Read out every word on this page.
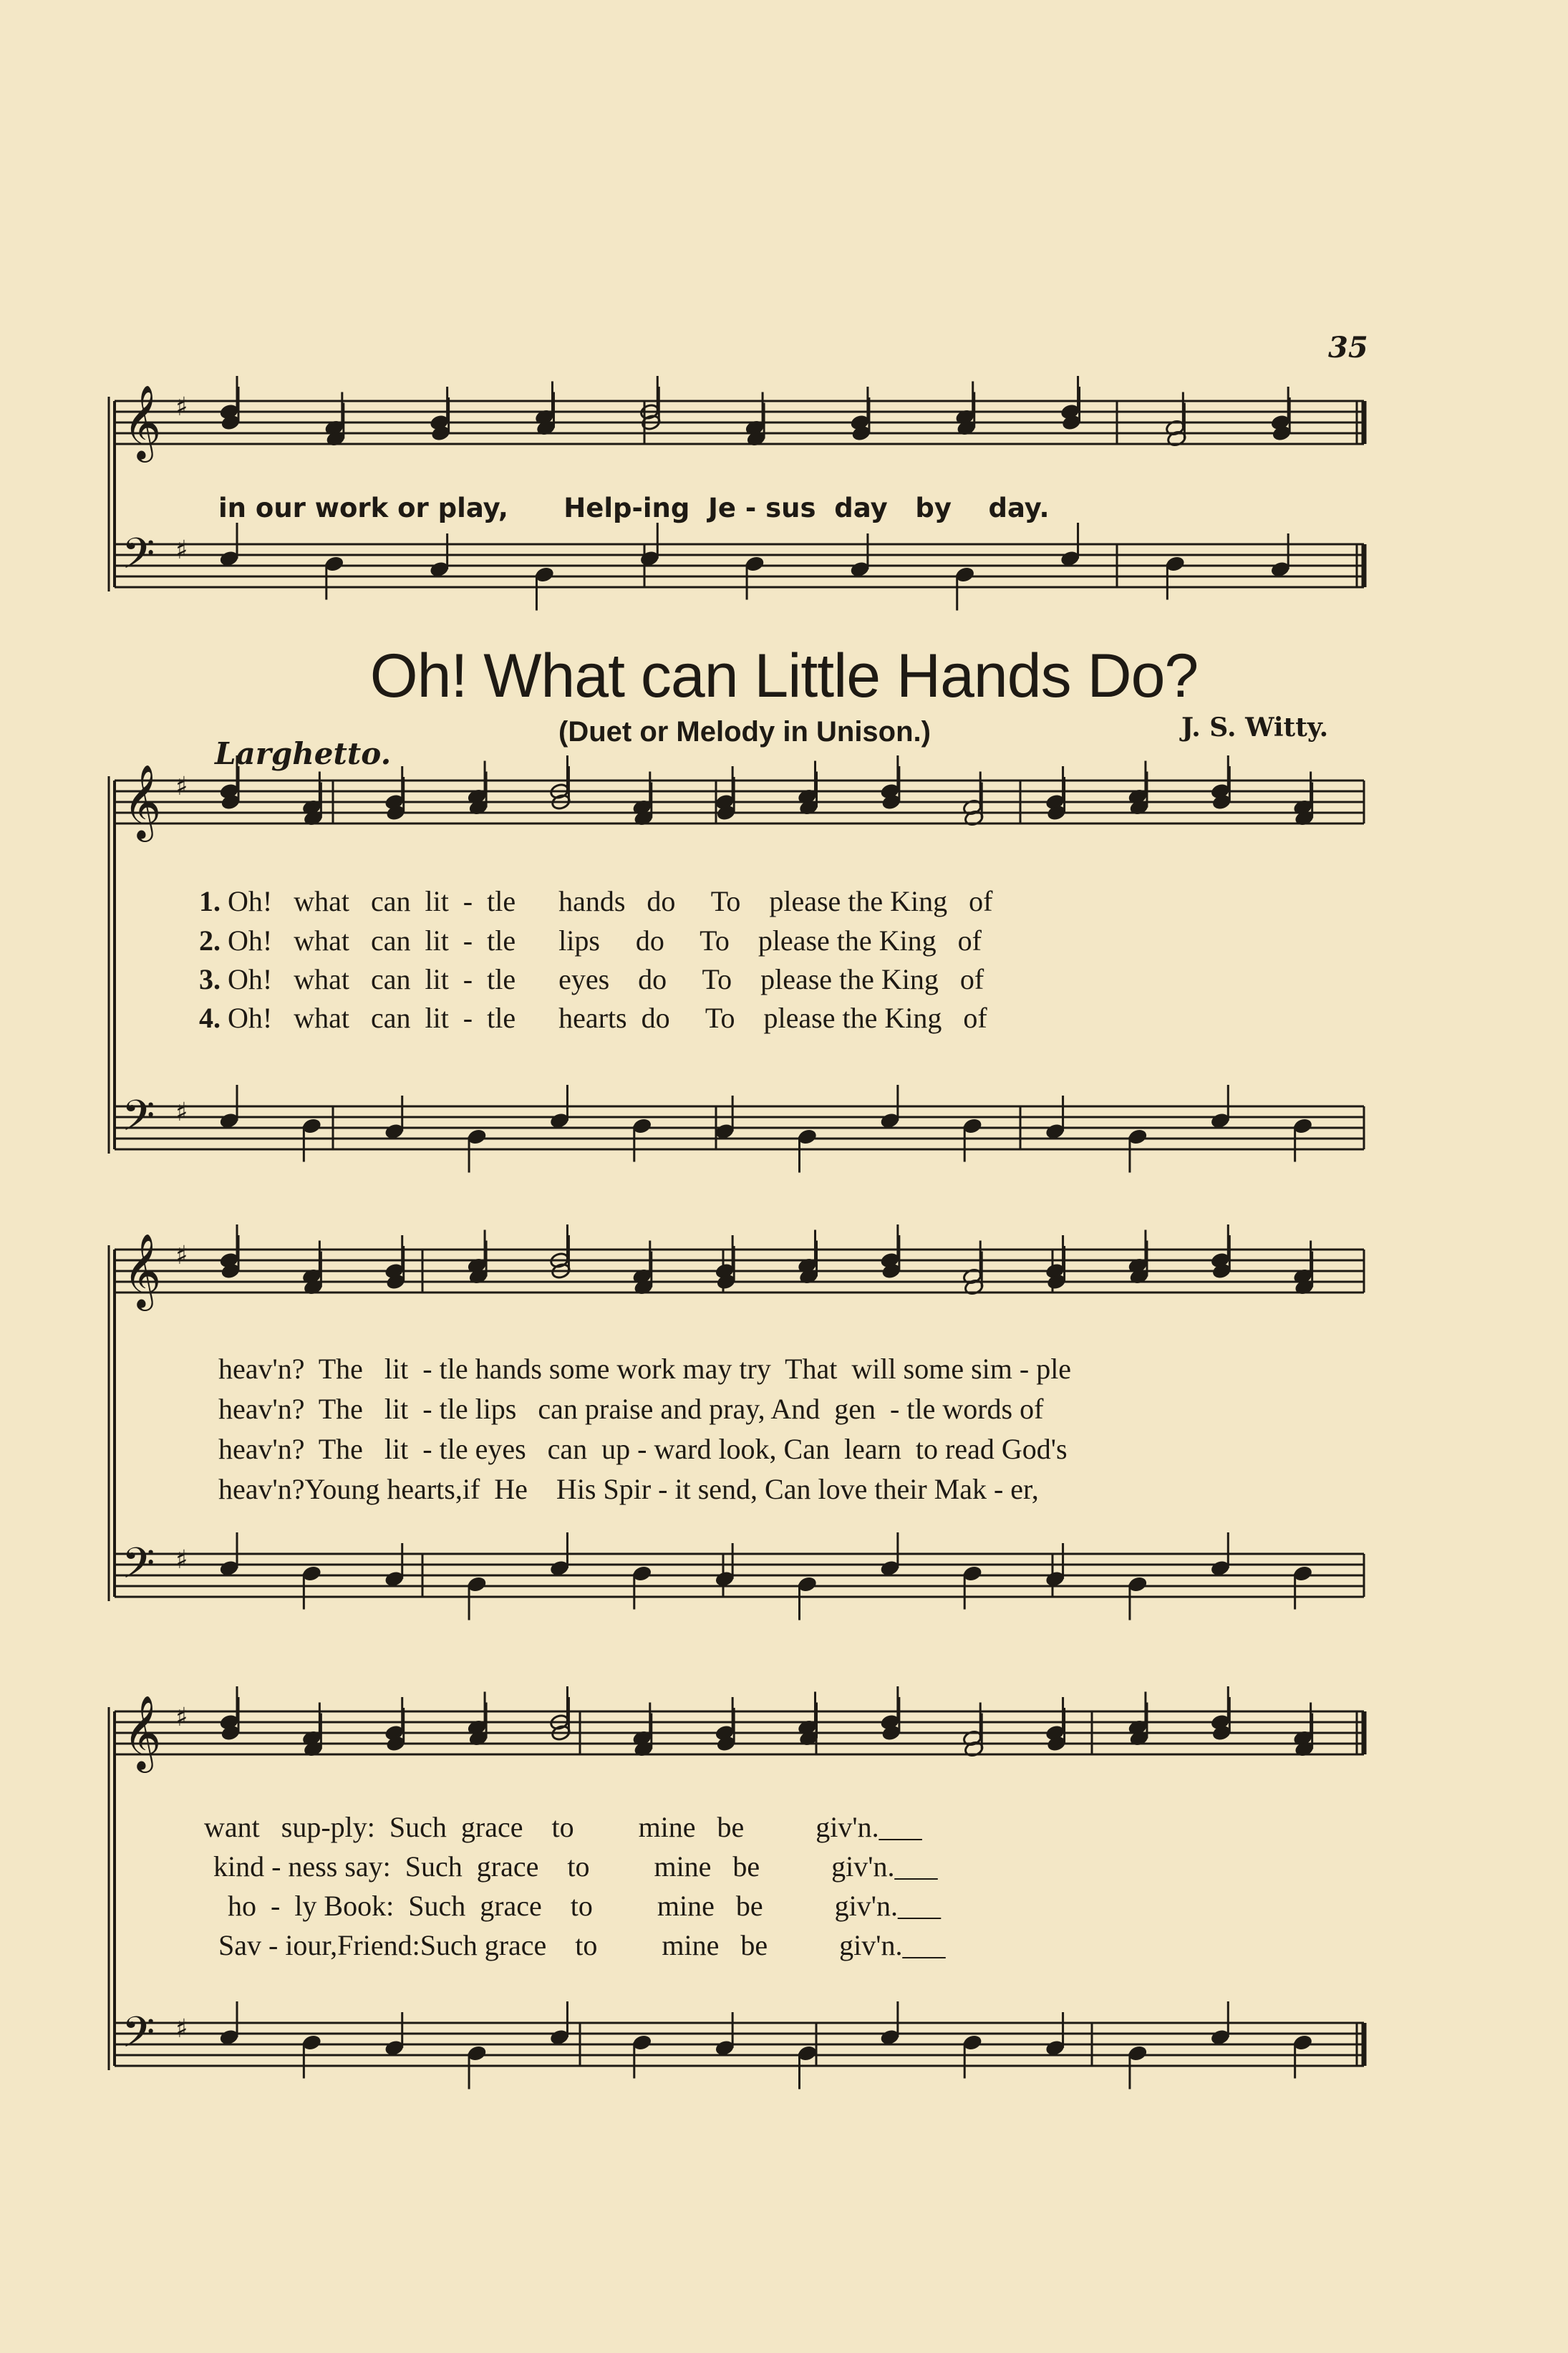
35
Oh! What can Little Hands Do?
(Duet or Melody in Unison.)	J. S. Witty.
Larghetto.
𝄞
𝄢
♯
♯
𝄞
𝄢
♯
♯
𝄞
𝄢
♯
♯
𝄞
𝄢
♯
♯
in our work or play,      Help-ing  Je - sus  day   by    day.
1. Oh!   what   can  lit  -  tle      hands   do     To    please the King   of
2. Oh!   what   can  lit  -  tle      lips     do     To    please the King   of
3. Oh!   what   can  lit  -  tle      eyes    do     To    please the King   of
4. Oh!   what   can  lit  -  tle      hearts  do     To    please the King   of
heav'n?  The   lit  - tle hands some work may try  That  will some sim - ple
heav'n?  The   lit  - tle lips   can praise and pray, And  gen  - tle words of
heav'n?  The   lit  - tle eyes   can  up - ward look, Can  learn  to read God's
heav'n?Young hearts,if  He    His Spir - it send, Can love their Mak - er,
want   sup-ply:  Such  grace    to         mine   be          giv'n.___
kind - ness say:  Such  grace    to         mine   be          giv'n.___
ho  -  ly Book:  Such  grace    to         mine   be          giv'n.___
Sav - iour,Friend:Such grace    to         mine   be          giv'n.___
